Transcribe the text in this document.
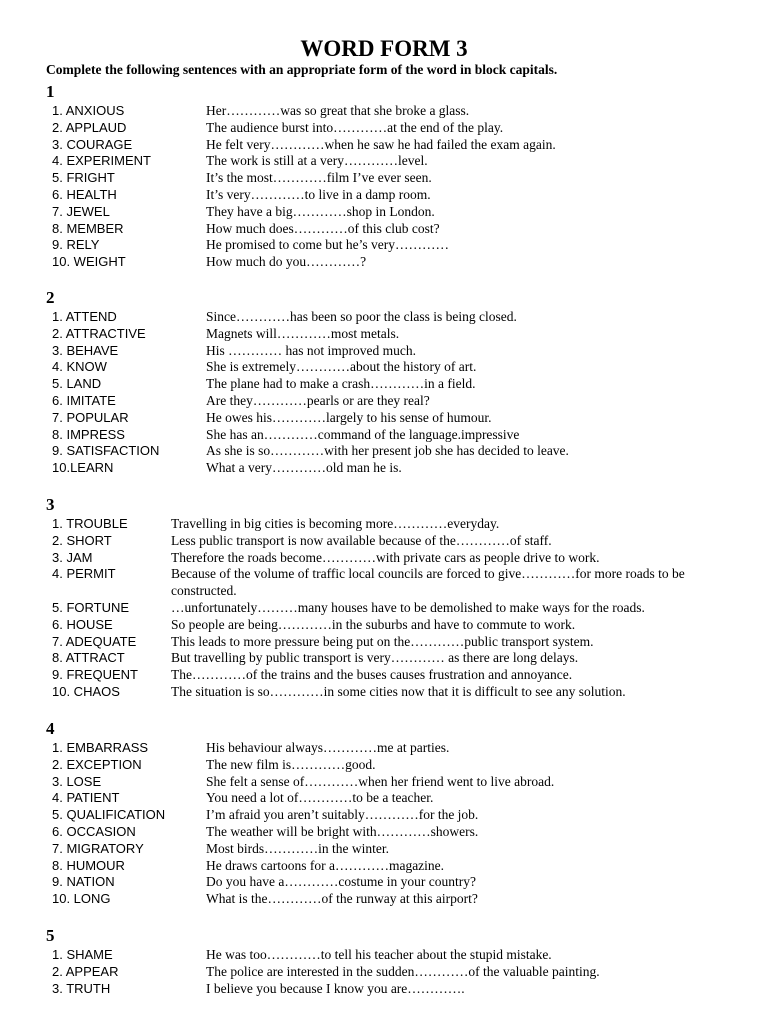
WORD FORM 3
Complete the following sentences with an appropriate form of the word in block capitals.
1
1. ANXIOUS	Her…………was so great that she broke a glass.
2. APPLAUD	The audience burst into…………at the end of the play.
3. COURAGE	He felt very…………when he saw he had failed the exam again.
4. EXPERIMENT	The work is still at a very…………level.
5. FRIGHT	It’s the most…………film I’ve ever seen.
6. HEALTH	It’s very…………to live in a damp room.
7. JEWEL	They have a big…………shop in London.
8. MEMBER	How much does…………of this club cost?
9. RELY	He promised to come but he’s very…………
10. WEIGHT	How much do you…………?
2
1. ATTEND	Since…………has been so poor the class is being closed.
2. ATTRACTIVE	Magnets will…………most metals.
3. BEHAVE	His ………… has not improved much.
4. KNOW	She is extremely…………about the history of art.
5. LAND	The plane had to make a crash…………in a field.
6. IMITATE	Are they…………pearls or are they real?
7. POPULAR	He owes his…………largely to his sense of humour.
8. IMPRESS	She has an…………command of the language.impressive
9. SATISFACTION	As she is so…………with her present job she has decided to leave.
10.LEARN	What a very…………old man he is.
3
1. TROUBLE	Travelling in big cities is becoming more…………everyday.
2. SHORT	Less public transport is now available because of the…………of staff.
3. JAM	Therefore the roads become…………with private cars as people drive to work.
4. PERMIT	Because of the volume of traffic local councils are forced to give…………for more roads to be constructed.
5. FORTUNE	…unfortunately………many houses have to be demolished to make ways for the roads.
6. HOUSE	So people are being…………in the suburbs and have to commute to work.
7. ADEQUATE	This leads to more pressure being put on the…………public transport system.
8. ATTRACT	But travelling by public transport is very………… as there are long delays.
9. FREQUENT The…………of the trains and the buses causes frustration and annoyance.
10. CHAOS	The situation is so…………in some cities now that it is difficult to see any solution.
4
1. EMBARRASS	His behaviour always…………me at parties.
2. EXCEPTION	The new film is…………good.
3. LOSE	She felt a sense of…………when her friend went to live abroad.
4. PATIENT	You need a lot of…………to be a teacher.
5. QUALIFICATION	I’m afraid you aren’t suitably…………for the job.
6. OCCASION	The weather will be bright with…………showers.
7. MIGRATORY	Most birds…………in the winter.
8. HUMOUR	He draws cartoons for a…………magazine.
9. NATION	Do you have a…………costume in your country?
10. LONG	What is the…………of the runway at this airport?
5
1. SHAME	He was too…………to tell his teacher about the stupid mistake.
2. APPEAR	The police are interested in the sudden…………of the valuable painting.
3. TRUTH	I believe you because I know you are………….
